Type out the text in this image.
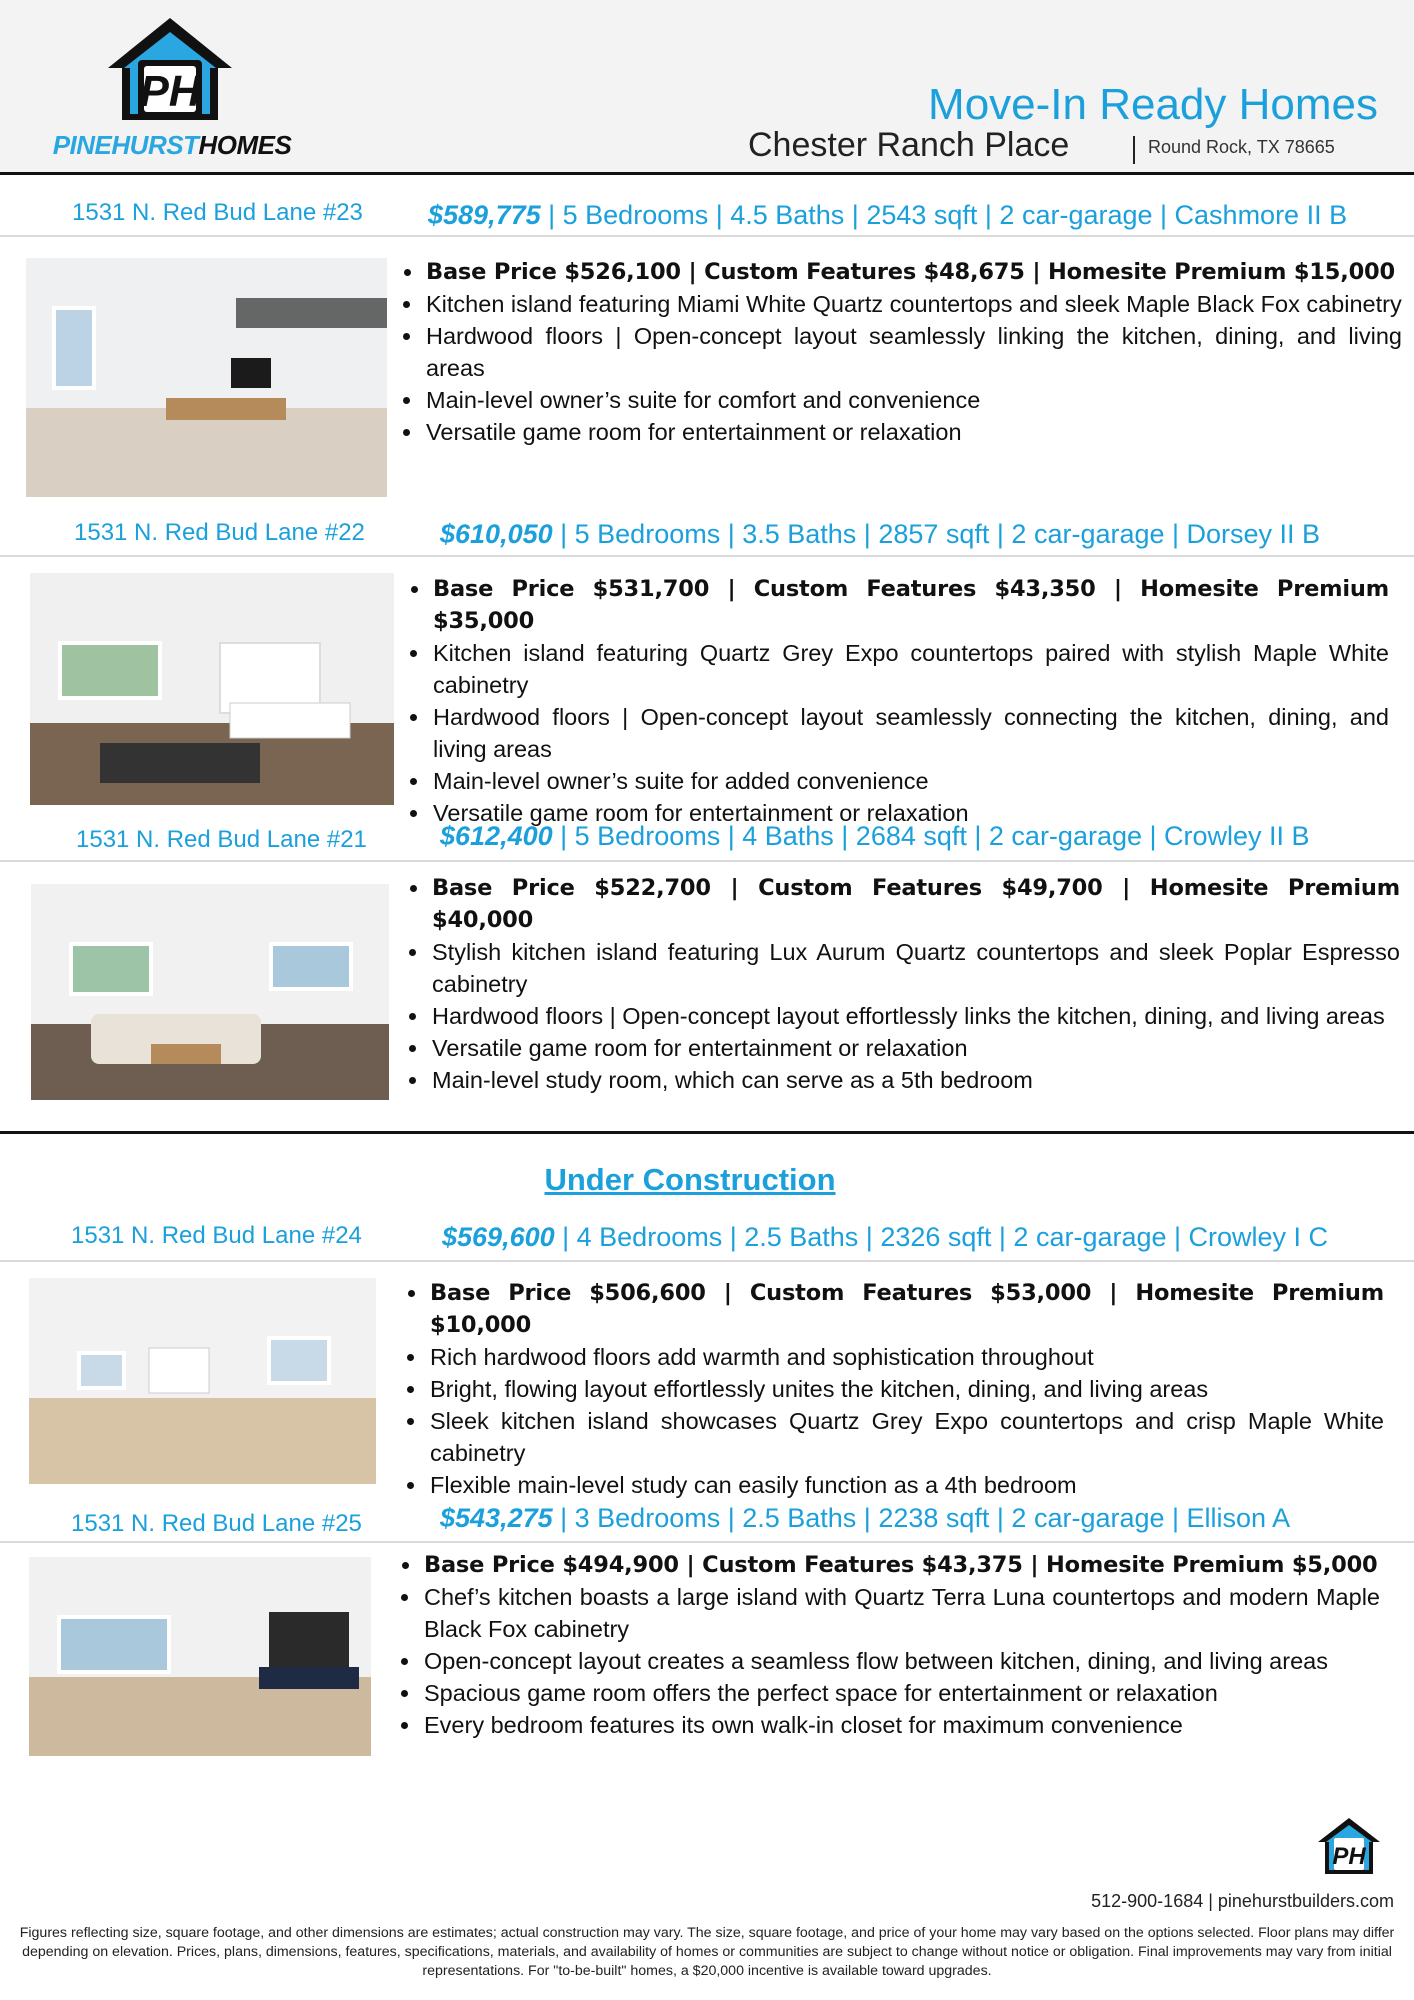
PH
PINEHURSTHOMES
Move-In Ready Homes
Chester Ranch Place	Round Rock, TX 78665
1531 N. Red Bud Lane #23 $589,775 | 5 Bedrooms | 4.5 Baths | 2543 sqft | 2 car-garage | Cashmore II B
• Base Price $526,100 | Custom Features $48,675 | Homesite Premium $15,000
• Kitchen island featuring Miami White Quartz countertops and sleek Maple Black Fox cabinetry
• Hardwood floors | Open-concept layout seamlessly linking the kitchen, dining, and living areas
• Main-level owner’s suite for comfort and convenience
• Versatile game room for entertainment or relaxation
1531 N. Red Bud Lane #22	$610,050 | 5 Bedrooms | 3.5 Baths | 2857 sqft | 2 car-garage | Dorsey II B
• Base Price $531,700 | Custom Features $43,350 | Homesite Premium $35,000
• Kitchen island featuring Quartz Grey Expo countertops paired with stylish Maple White cabinetry
• Hardwood floors | Open-concept layout seamlessly connecting the kitchen, dining, and living areas
• Main-level owner’s suite for added convenience
• Versatile game room for entertainment or relaxation
1531 N. Red Bud Lane #21	$612,400 | 5 Bedrooms | 4 Baths | 2684 sqft | 2 car-garage | Crowley II B
• Base Price $522,700 | Custom Features $49,700 | Homesite Premium $40,000
• Stylish kitchen island featuring Lux Aurum Quartz countertops and sleek Poplar Espresso cabinetry
• Hardwood floors | Open-concept layout effortlessly links the kitchen, dining, and living areas
• Versatile game room for entertainment or relaxation
• Main-level study room, which can serve as a 5th bedroom
Under Construction
1531 N. Red Bud Lane #24	$569,600 | 4 Bedrooms | 2.5 Baths | 2326 sqft | 2 car-garage | Crowley I C
• Base Price $506,600 | Custom Features $53,000 | Homesite Premium $10,000
• Rich hardwood floors add warmth and sophistication throughout
• Bright, flowing layout effortlessly unites the kitchen, dining, and living areas
• Sleek kitchen island showcases Quartz Grey Expo countertops and crisp Maple White cabinetry
• Flexible main-level study can easily function as a 4th bedroom
1531 N. Red Bud Lane #25	$543,275 | 3 Bedrooms | 2.5 Baths | 2238 sqft | 2 car-garage | Ellison A
• Base Price $494,900 | Custom Features $43,375 | Homesite Premium $5,000
• Chef’s kitchen boasts a large island with Quartz Terra Luna countertops and modern Maple Black Fox cabinetry
• Open-concept layout creates a seamless flow between kitchen, dining, and living areas
• Spacious game room offers the perfect space for entertainment or relaxation
• Every bedroom features its own walk-in closet for maximum convenience
PH
512-900-1684 | pinehurstbuilders.com
Figures reflecting size, square footage, and other dimensions are estimates; actual construction may vary. The size, square footage, and price of your home may vary based on the options selected. Floor plans may differ depending on elevation. Prices, plans, dimensions, features, specifications, materials, and availability of homes or communities are subject to change without notice or obligation. Final improvements may vary from initial representations. For "to-be-built" homes, a $20,000 incentive is available toward upgrades.
